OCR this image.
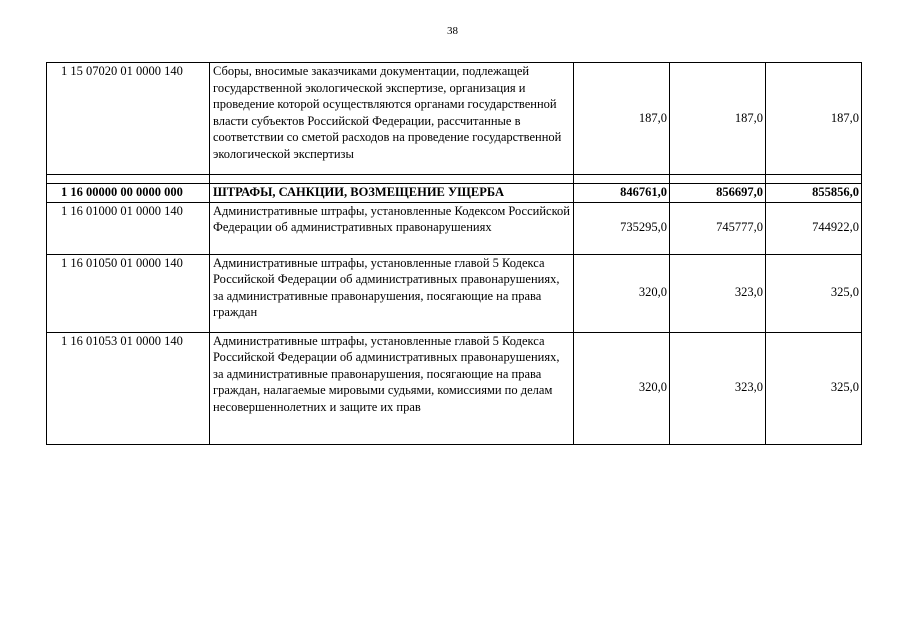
38
1 15 07020 01 0000 140	Сборы, вносимые заказчиками документации, подлежащей государственной экологической экспертизе, организация и проведение которой осуществляются органами государственной власти субъектов Российской Федерации, рассчитанные в соответствии со сметой расходов на проведение государственной экологической экспертизы	187,0	187,0	187,0

1 16 00000 00 0000 000	ШТРАФЫ, САНКЦИИ, ВОЗМЕЩЕНИЕ УЩЕРБА	846761,0	856697,0	855856,0
1 16 01000 01 0000 140	Административные штрафы, установленные Кодексом Российской Федерации об административных правонарушениях	735295,0	745777,0	744922,0
1 16 01050 01 0000 140	Административные штрафы, установленные главой 5 Кодекса Российской Федерации об административных правонарушениях, за административные правонарушения, посягающие на права граждан	320,0	323,0	325,0
1 16 01053 01 0000 140	Административные штрафы, установленные главой 5 Кодекса Российской Федерации об административных правонарушениях, за административные правонарушения, посягающие на права граждан, налагаемые мировыми судьями, комиссиями по делам несовершеннолетних и защите их прав	320,0	323,0	325,0
